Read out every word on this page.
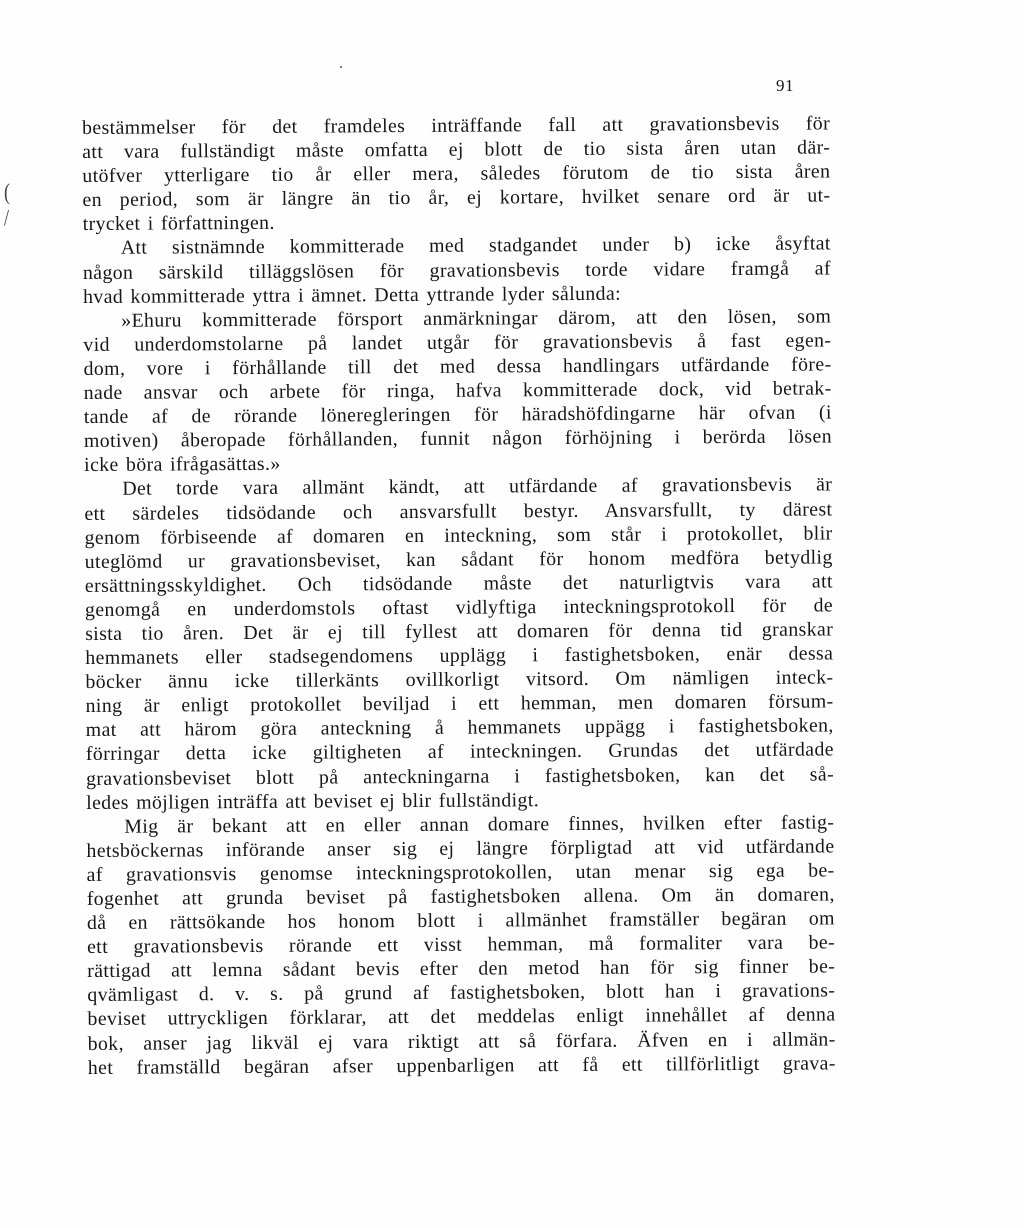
91
(
/
bestämmelser för det framdeles inträffande fall att gravationsbevis för
att vara fullständigt måste omfatta ej blott de tio sista åren utan där-
utöfver ytterligare tio år eller mera, således förutom de tio sista åren
en period, som är längre än tio år, ej kortare, hvilket senare ord är ut-
trycket i författningen.
Att sistnämnde kommitterade med stadgandet under b) icke åsyftat
någon särskild tilläggslösen för gravationsbevis torde vidare framgå af
hvad kommitterade yttra i ämnet. Detta yttrande lyder sålunda:
»Ehuru kommitterade försport anmärkningar därom, att den lösen, som
vid underdomstolarne på landet utgår för gravationsbevis å fast egen-
dom, vore i förhållande till det med dessa handlingars utfärdande före-
nade ansvar och arbete för ringa, hafva kommitterade dock, vid betrak-
tande af de rörande löneregleringen för häradshöfdingarne här ofvan (i
motiven) åberopade förhållanden, funnit någon förhöjning i berörda lösen
icke böra ifrågasättas.»
Det torde vara allmänt kändt, att utfärdande af gravationsbevis är
ett särdeles tidsödande och ansvarsfullt bestyr. Ansvarsfullt, ty därest
genom förbiseende af domaren en inteckning, som står i protokollet, blir
uteglömd ur gravationsbeviset, kan sådant för honom medföra betydlig
ersättningsskyldighet. Och tidsödande måste det naturligtvis vara att
genomgå en underdomstols oftast vidlyftiga inteckningsprotokoll för de
sista tio åren. Det är ej till fyllest att domaren för denna tid granskar
hemmanets eller stadsegendomens upplägg i fastighetsboken, enär dessa
böcker ännu icke tillerkänts ovillkorligt vitsord. Om nämligen inteck-
ning är enligt protokollet beviljad i ett hemman, men domaren försum-
mat att härom göra anteckning å hemmanets uppägg i fastighetsboken,
förringar detta icke giltigheten af inteckningen. Grundas det utfärdade
gravationsbeviset blott på anteckningarna i fastighetsboken, kan det så-
ledes möjligen inträffa att beviset ej blir fullständigt.
Mig är bekant att en eller annan domare finnes, hvilken efter fastig-
hetsböckernas införande anser sig ej längre förpligtad att vid utfärdande
af gravationsvis genomse inteckningsprotokollen, utan menar sig ega be-
fogenhet att grunda beviset på fastighetsboken allena. Om än domaren,
då en rättsökande hos honom blott i allmänhet framställer begäran om
ett gravationsbevis rörande ett visst hemman, må formaliter vara be-
rättigad att lemna sådant bevis efter den metod han för sig finner be-
qvämligast d. v. s. på grund af fastighetsboken, blott han i gravations-
beviset uttryckligen förklarar, att det meddelas enligt innehållet af denna
bok, anser jag likväl ej vara riktigt att så förfara. Äfven en i allmän-
het framställd begäran afser uppenbarligen att få ett tillförlitligt grava-
